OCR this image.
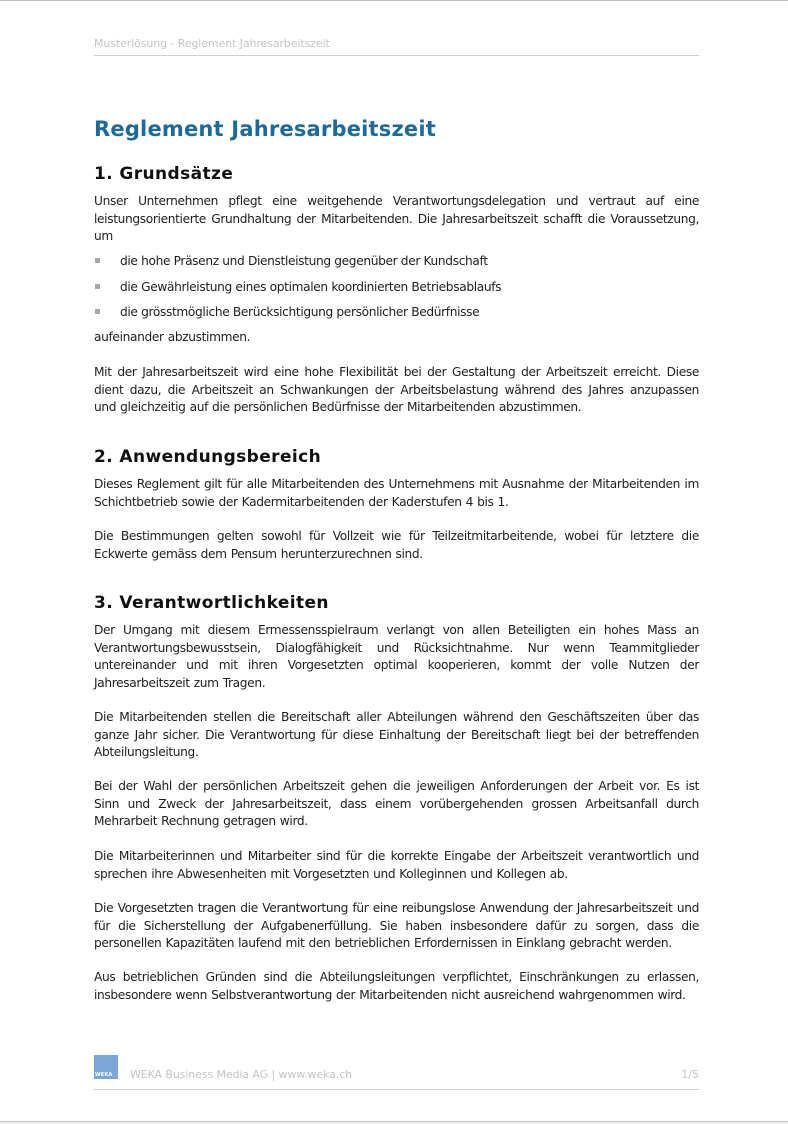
Musterlösung - Reglement Jahresarbeitszeit
Reglement Jahresarbeitszeit
1. Grundsätze

Unser Unternehmen pflegt eine weitgehende Verantwortungsdelegation und vertraut auf eine leistungsorientierte Grundhaltung der Mitarbeitenden. Die Jahresarbeitszeit schafft die Voraussetzung, um

die hohe Präsenz und Dienstleistung gegenüber der Kundschaft
die Gewährleistung eines optimalen koordinierten Betriebsablaufs
die grösstmögliche Berücksichtigung persönlicher Bedürfnisse

aufeinander abzustimmen.

Mit der Jahresarbeitszeit wird eine hohe Flexibilität bei der Gestaltung der Arbeitszeit erreicht. Diese dient dazu, die Arbeitszeit an Schwankungen der Arbeitsbelastung während des Jahres anzupassen und gleichzeitig auf die persönlichen Bedürfnisse der Mitarbeitenden abzustimmen.

2. Anwendungsbereich

Dieses Reglement gilt für alle Mitarbeitenden des Unternehmens mit Ausnahme der Mitarbeitenden im Schichtbetrieb sowie der Kadermitarbeitenden der Kaderstufen 4 bis 1.

Die Bestimmungen gelten sowohl für Vollzeit wie für Teilzeitmitarbeitende, wobei für letztere die Eckwerte gemäss dem Pensum herunterzurechnen sind.

3. Verantwortlichkeiten

Der Umgang mit diesem Ermessensspielraum verlangt von allen Beteiligten ein hohes Mass an Verantwortungsbewusstsein, Dialogfähigkeit und Rücksichtnahme. Nur wenn Teammitglieder untereinander und mit ihren Vorgesetzten optimal kooperieren, kommt der volle Nutzen der Jahresarbeitszeit zum Tragen.

Die Mitarbeitenden stellen die Bereitschaft aller Abteilungen während den Geschäftszeiten über das ganze Jahr sicher. Die Verantwortung für diese Einhaltung der Bereitschaft liegt bei der betreffenden Abteilungsleitung.

Bei der Wahl der persönlichen Arbeitszeit gehen die jeweiligen Anforderungen der Arbeit vor. Es ist Sinn und Zweck der Jahresarbeitszeit, dass einem vorübergehenden grossen Arbeitsanfall durch Mehrarbeit Rechnung getragen wird.

Die Mitarbeiterinnen und Mitarbeiter sind für die korrekte Eingabe der Arbeitszeit verantwortlich und sprechen ihre Abwesenheiten mit Vorgesetzten und Kolleginnen und Kollegen ab.

Die Vorgesetzten tragen die Verantwortung für eine reibungslose Anwendung der Jahresarbeitszeit und für die Sicherstellung der Aufgabenerfüllung. Sie haben insbesondere dafür zu sorgen, dass die personellen Kapazitäten laufend mit den betrieblichen Erfordernissen in Einklang gebracht werden.

Aus betrieblichen Gründen sind die Abteilungsleitungen verpflichtet, Einschränkungen zu erlassen, insbesondere wenn Selbstverantwortung der Mitarbeitenden nicht ausreichend wahrgenommen wird.

WEKA WEKA Business Media AG | www.weka.ch	1/5
